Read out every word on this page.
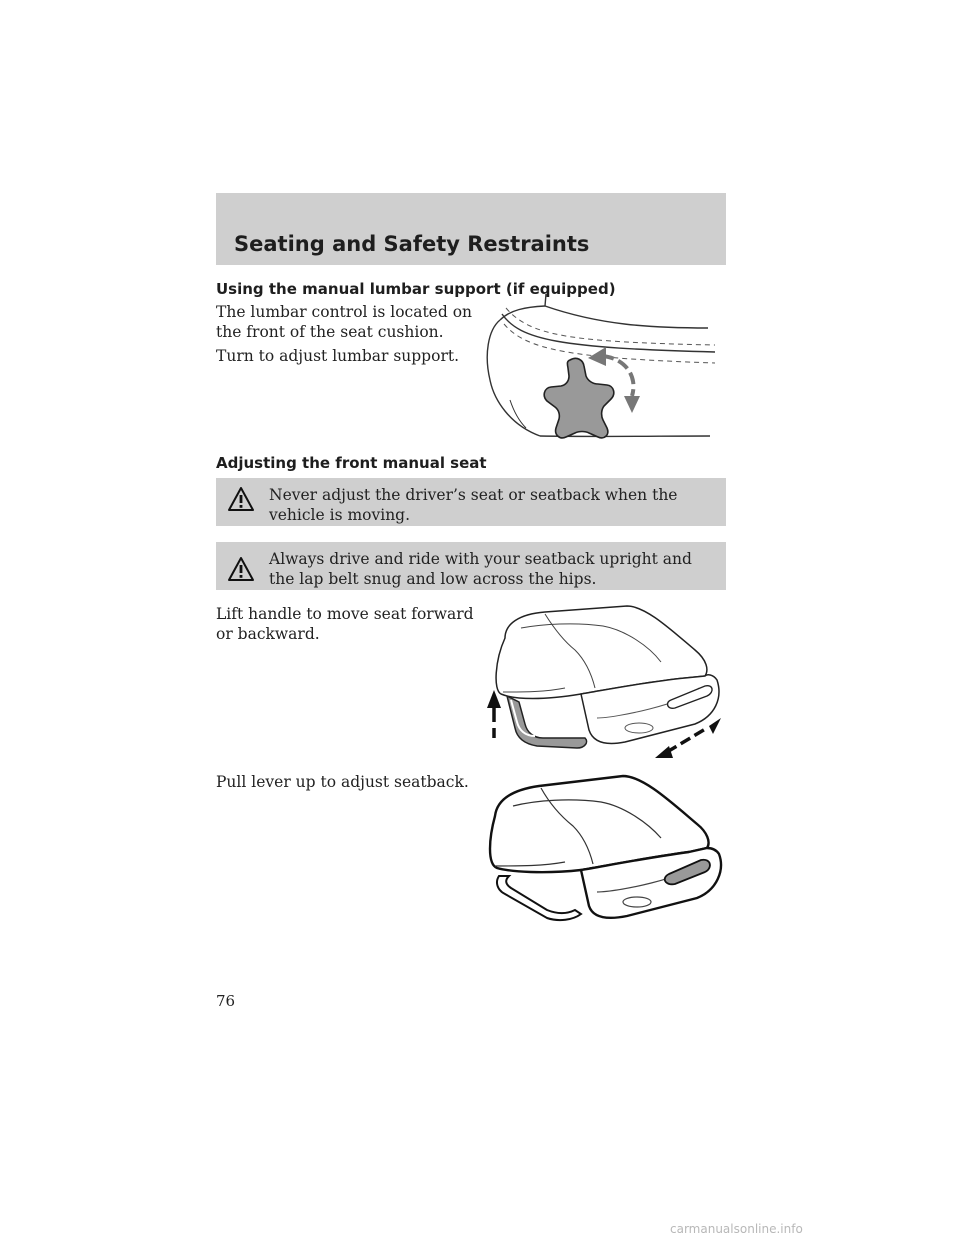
Seating and Safety Restraints
Using the manual lumbar support (if equipped)
The lumbar control is located on the front of the seat cushion.
Turn to adjust lumbar support.
Adjusting the front manual seat
Never adjust the driver’s seat or seatback when the vehicle is moving.
Always drive and ride with your seatback upright and the lap belt snug and low across the hips.
Lift handle to move seat forward or backward.
Pull lever up to adjust seatback.
76
carmanualsonline.info
